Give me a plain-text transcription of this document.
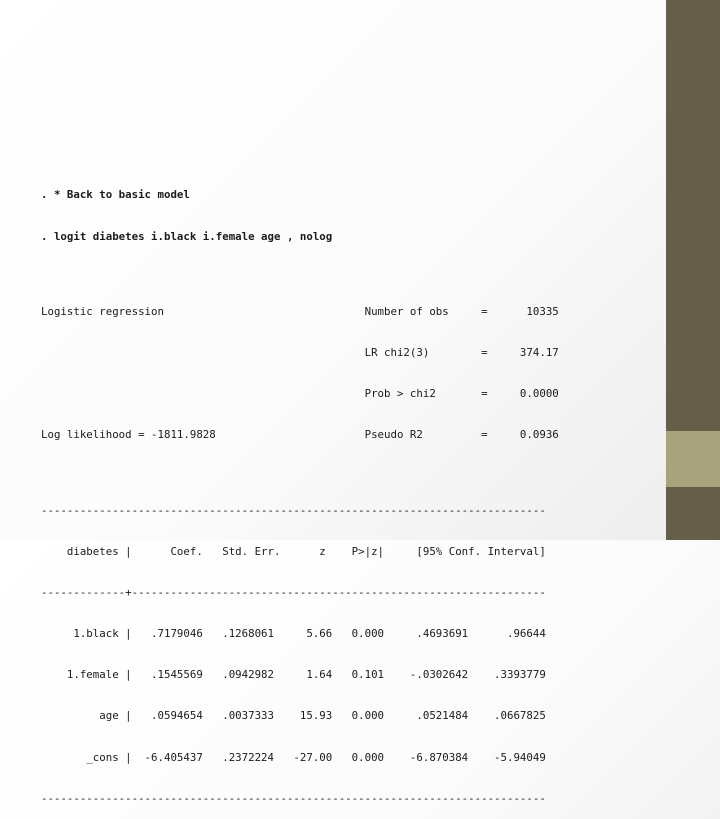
. * Back to basic model

. logit diabetes i.black i.female age , nolog

Logistic regression                               Number of obs     =      10335

LR chi2(3)        =     374.17

Prob > chi2       =     0.0000

Log likelihood = -1811.9828                       Pseudo R2         =     0.0936

------------------------------------------------------------------------------

diabetes |      Coef.   Std. Err.      z    P>|z|     [95% Conf. Interval]

-------------+----------------------------------------------------------------

1.black |   .7179046   .1268061     5.66   0.000     .4693691      .96644

1.female |   .1545569   .0942982     1.64   0.101    -.0302642    .3393779

age |   .0594654   .0037333    15.93   0.000     .0521484    .0667825

_cons |  -6.405437   .2372224   -27.00   0.000    -6.870384    -5.94049

------------------------------------------------------------------------------
